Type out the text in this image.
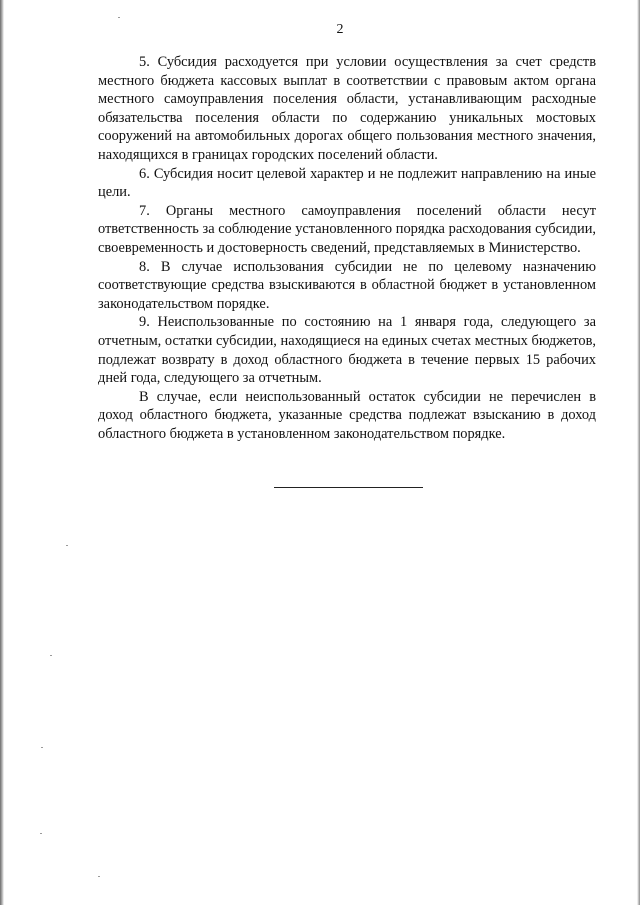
2

5. Субсидия расходуется при условии осуществления за счет средств местного бюджета кассовых выплат в соответствии с правовым актом органа местного самоуправления поселения области, устанавливающим расходные обязательства поселения области по содержанию уникальных мостовых сооружений на автомобильных дорогах общего пользования местного значения, находящихся в границах городских поселений области.

6. Субсидия носит целевой характер и не подлежит направлению на иные цели.

7. Органы местного самоуправления поселений области несут ответственность за соблюдение установленного порядка расходования субсидии, своевременность и достоверность сведений, представляемых в Министерство.

8. В случае использования субсидии не по целевому назначению соответствующие средства взыскиваются в областной бюджет в установленном законодательством порядке.

9. Неиспользованные по состоянию на 1 января года, следующего за отчетным, остатки субсидии, находящиеся на единых счетах местных бюджетов, подлежат возврату в доход областного бюджета в течение первых 15 рабочих дней года, следующего за отчетным.

В случае, если неиспользованный остаток субсидии не перечислен в доход областного бюджета, указанные средства подлежат взысканию в доход областного бюджета в установленном законодательством порядке.
